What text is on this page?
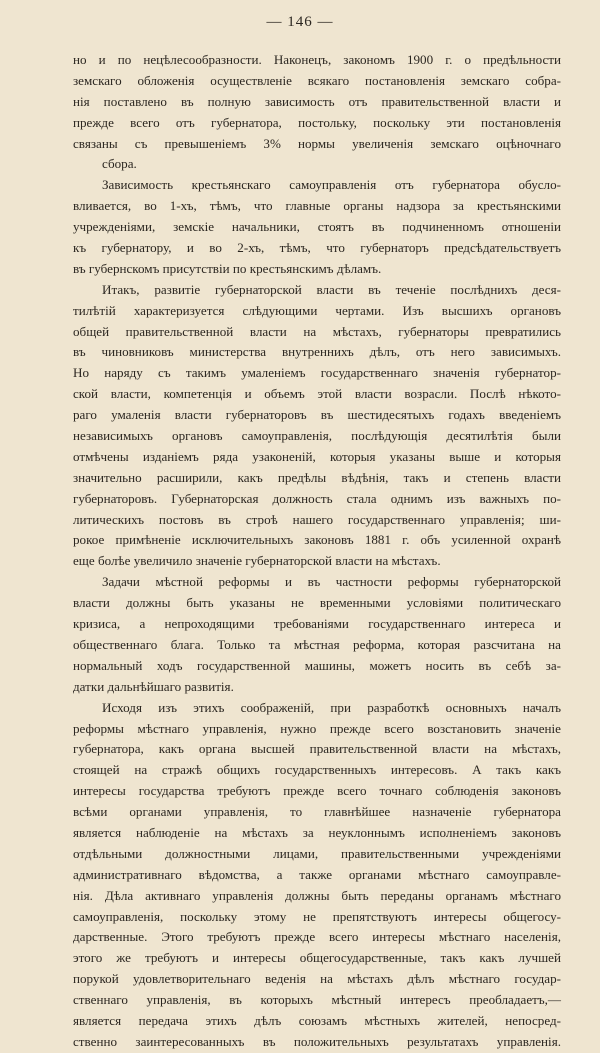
— 146 —
но и по нецѣлесообразности. Наконецъ, закономъ 1900 г. о предѣльности
земскаго обложенія осуществленіе всякаго постановленія земскаго собра-
нія поставлено въ полную зависимость отъ правительственной власти и
прежде всего отъ губернатора, постольку, поскольку эти постановленія
связаны съ превышеніемъ 3% нормы увеличенія земскаго оцѣночнаго
сбора.
Зависимость крестьянскаго самоуправленія отъ губернатора обусло-
вливается, во 1-хъ, тѣмъ, что главные органы надзора за крестьянскими
учрежденіями, земскіе начальники, стоятъ въ подчиненномъ отношеніи
къ губернатору, и во 2-хъ, тѣмъ, что губернаторъ предсѣдательствуетъ
въ губернскомъ присутствіи по крестьянскимъ дѣламъ.
Итакъ, развитіе губернаторской власти въ теченіе послѣднихъ деся-
тилѣтій характеризуется слѣдующими чертами. Изъ высшихъ органовъ
общей правительственной власти на мѣстахъ, губернаторы превратились
въ чиновниковъ министерства внутреннихъ дѣлъ, отъ него зависимыхъ.
Но наряду съ такимъ умаленіемъ государственнаго значенія губернатор-
ской власти, компетенція и объемъ этой власти возрасли. Послѣ нѣкото-
раго умаленія власти губернаторовъ въ шестидесятыхъ годахъ введеніемъ
независимыхъ органовъ самоуправленія, послѣдующія десятилѣтія были
отмѣчены изданіемъ ряда узаконеній, которыя указаны выше и которыя
значительно расширили, какъ предѣлы вѣдѣнія, такъ и степень власти
губернаторовъ. Губернаторская должность стала однимъ изъ важныхъ по-
литическихъ постовъ въ строѣ нашего государственнаго управленія; ши-
рокое примѣненіе исключительныхъ законовъ 1881 г. объ усиленной охранѣ
еще болѣе увеличило значеніе губернаторской власти на мѣстахъ.
Задачи мѣстной реформы и въ частности реформы губернаторской
власти должны быть указаны не временными условіями политическаго
кризиса, а непроходящими требованіями государственнаго интереса и
общественнаго блага. Только та мѣстная реформа, которая разсчитана на
нормальный ходъ государственной машины, можетъ носить въ себѣ за-
датки дальнѣйшаго развитія.
Исходя изъ этихъ соображеній, при разработкѣ основныхъ началъ
реформы мѣстнаго управленія, нужно прежде всего возстановить значеніе
губернатора, какъ органа высшей правительственной власти на мѣстахъ,
стоящей на стражѣ общихъ государственныхъ интересовъ. А такъ какъ
интересы государства требуютъ прежде всего точнаго соблюденія законовъ
всѣми органами управленія, то главнѣйшее назначеніе губернатора
является наблюденіе на мѣстахъ за неуклоннымъ исполненіемъ законовъ
отдѣльными должностными лицами, правительственными учрежденіями
административнаго вѣдомства, а также органами мѣстнаго самоуправле-
нія. Дѣла активнаго управленія должны быть переданы органамъ мѣстнаго
самоуправленія, поскольку этому не препятствуютъ интересы общегосу-
дарственные. Этого требуютъ прежде всего интересы мѣстнаго населенія,
этого же требуютъ и интересы общегосударственные, такъ какъ лучшей
порукой удовлетворительнаго веденія на мѣстахъ дѣлъ мѣстнаго государ-
ственнаго управленія, въ которыхъ мѣстный интересъ преобладаетъ,—
является передача этихъ дѣлъ союзамъ мѣстныхъ жителей, непосред-
ственно заинтересованныхъ въ положительныхъ результатахъ управленія.
